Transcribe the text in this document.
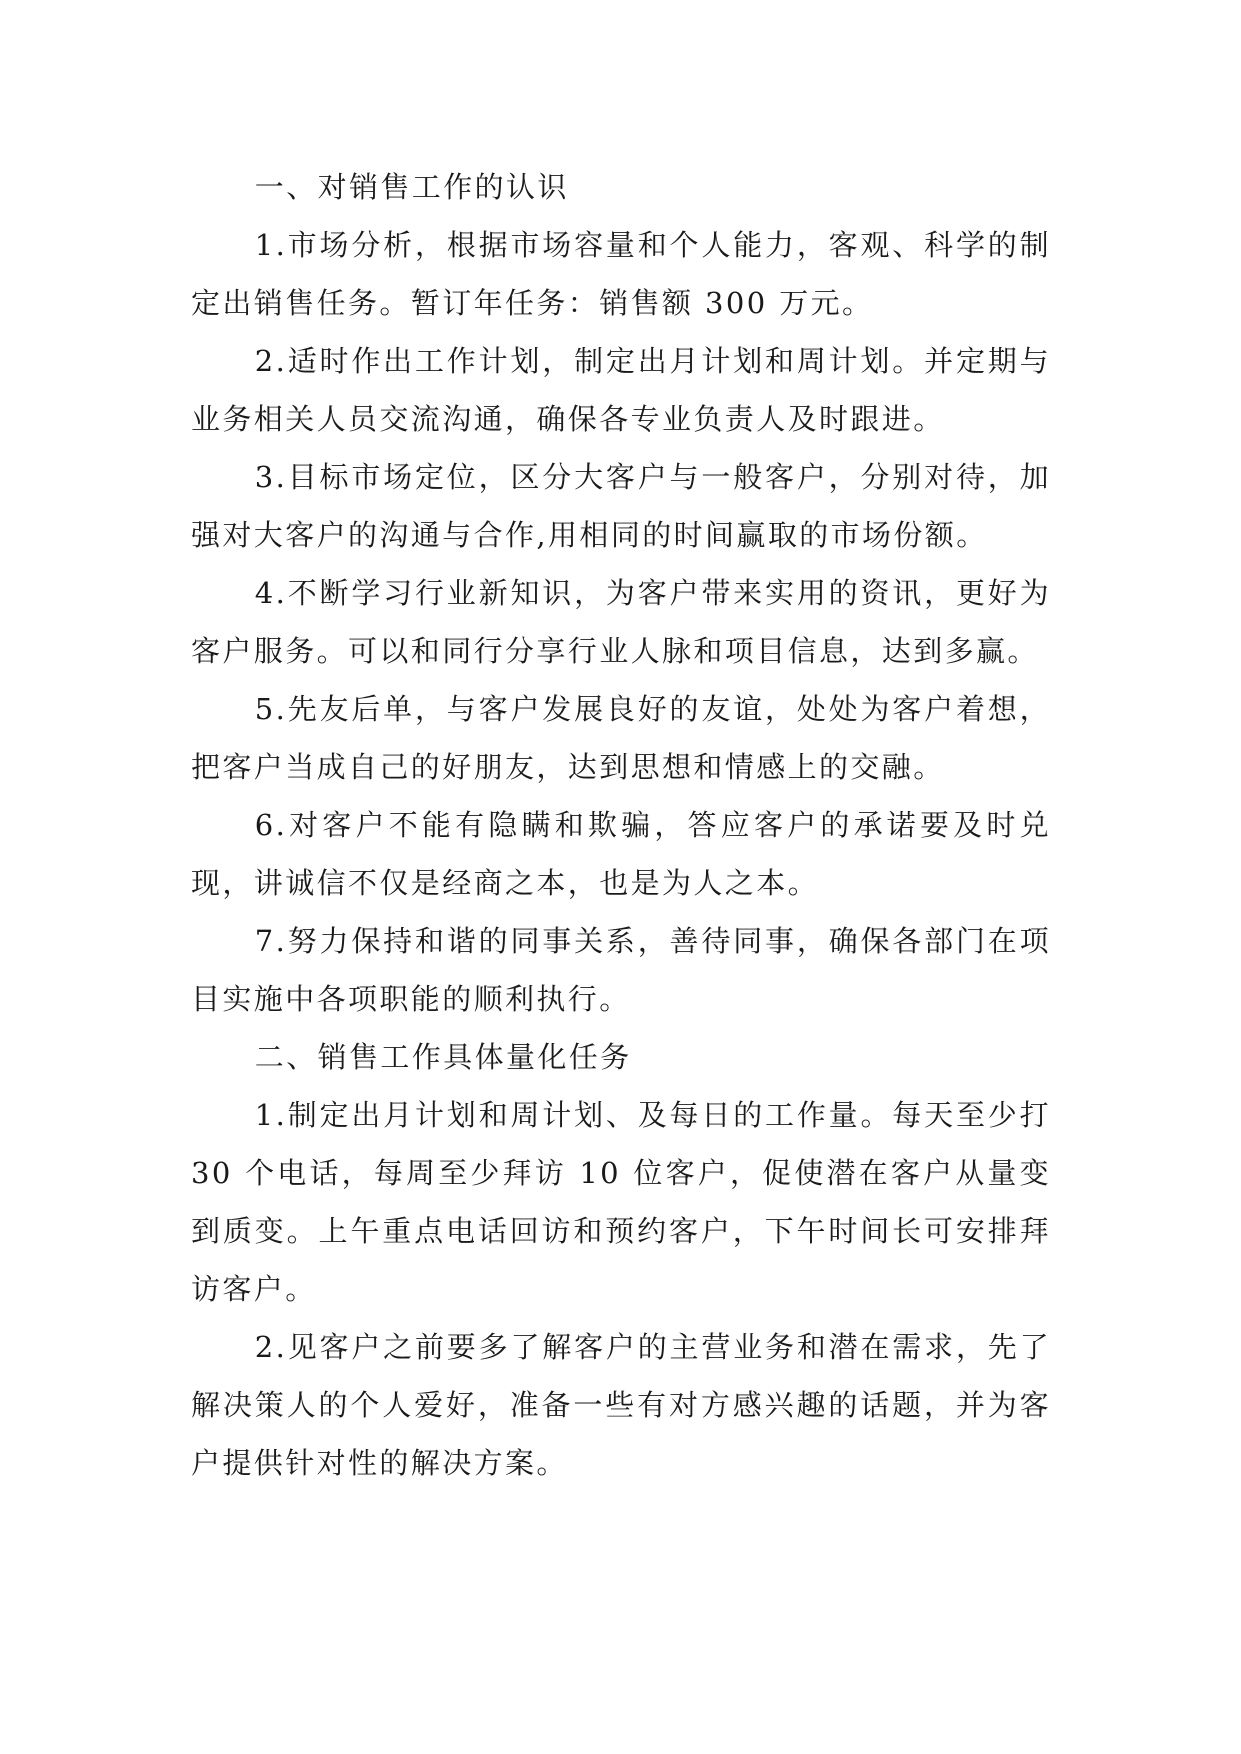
一、对销售工作的认识

1.市场分析，根据市场容量和个人能力，客观、科学的制定出销售任务。暂订年任务：销售额 300 万元。

2.适时作出工作计划，制定出月计划和周计划。并定期与业务相关人员交流沟通，确保各专业负责人及时跟进。

3.目标市场定位，区分大客户与一般客户，分别对待，加强对大客户的沟通与合作,用相同的时间赢取的市场份额。

4.不断学习行业新知识，为客户带来实用的资讯，更好为客户服务。可以和同行分享行业人脉和项目信息，达到多赢。

5.先友后单，与客户发展良好的友谊，处处为客户着想，把客户当成自己的好朋友，达到思想和情感上的交融。

6.对客户不能有隐瞒和欺骗，答应客户的承诺要及时兑现，讲诚信不仅是经商之本，也是为人之本。

7.努力保持和谐的同事关系，善待同事，确保各部门在项目实施中各项职能的顺利执行。

二、销售工作具体量化任务

1.制定出月计划和周计划、及每日的工作量。每天至少打 30 个电话，每周至少拜访 10 位客户，促使潜在客户从量变到质变。上午重点电话回访和预约客户，下午时间长可安排拜访客户。

2.见客户之前要多了解客户的主营业务和潜在需求，先了解决策人的个人爱好，准备一些有对方感兴趣的话题，并为客户提供针对性的解决方案。
